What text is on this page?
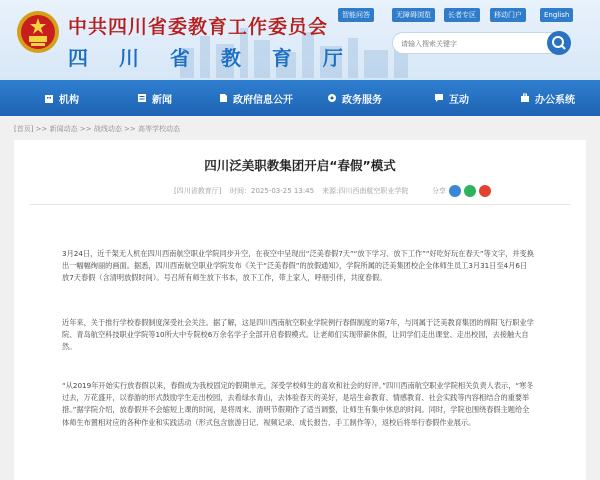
中共四川省委教育工作委员会
四 川 省 教 育 厅
智能问答	无障碍浏览	长者专区	移动门户	English
请输入搜索关键字
机构	新闻	政府信息公开	政务服务	互动	办公系统
[首页] >> 新闻动态 >> 战线动态 >> 高等学校动态
四川泛美职教集团开启“春假”模式
[四川省教育厅] 时间：2025-03-25 13:45 来源:四川西南航空职业学院	分享

3月24日，近千架无人机在四川西南航空职业学院同步升空，在夜空中呈现出“泛美春假7天”“放下学习、放下工作”“好吃好玩在春天”等文字，并变换出一幅幅绚丽的画面。据悉，四川西南航空职业学院发布《关于“泛美春假”的放假通知》，学院所属的泛美集团校企全体师生员工3月31日至4月6日放7天春假（含清明放假时间）。号召所有师生放下书本，放下工作，带上家人，呼朋引伴，共度春假。

近年来，关于推行学校春假制度深受社会关注。据了解，这是四川西南航空职业学院例行春假制度的第7年，与同属于泛美教育集团的绵阳飞行职业学院、青岛航空科技职业学院等10所大中专院校6万余名学子全部开启春假模式。让老师们实现带薪休假，让同学们走出课堂、走出校园，去接触大自然。

“从2019年开始实行放春假以来，春假成为我校固定的假期单元，深受学校师生的喜欢和社会的好评。”四川西南航空职业学院相关负责人表示，“寒冬过去，万花盛开，以春游的形式鼓励学生走出校园，去看绿水青山，去体验春天的美好，是培生命教育、情感教育、社会实践等内容相结合的重要举措。”据学院介绍，放春假并不会缩短上课的时间，是将周末、清明节假期作了适当调整，让师生有集中休息的时间。同时，学院也围绕春假主题给全体师生布置相对应的各种作业和实践活动（形式包含旅游日记、视频记录、成长报告、手工制作等），返校后将举行春假作业展示。
